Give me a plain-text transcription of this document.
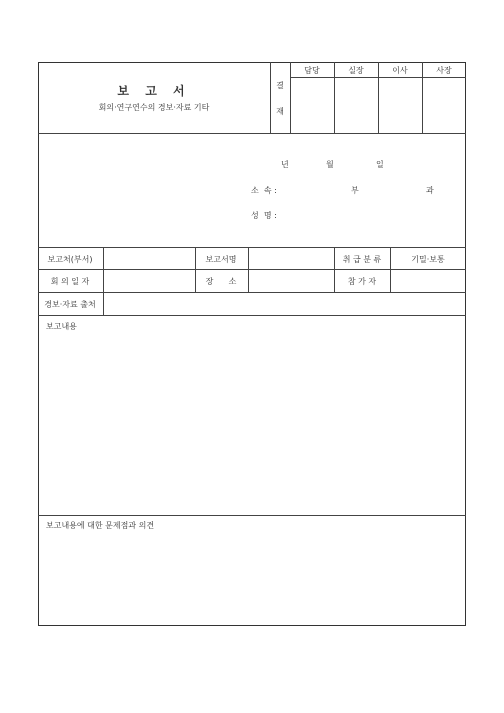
보 고 서
회의·연구연수의 경보·자료 기타
결
재
담당	실장	이사	사장
년	월	일
소  속 :	부	과
성  명 :
보고처(부서)	보고서명	취 급 분 류	기밀·보통
회 의 일 자	장      소	참 가 자
경보·자료 출처
보고내용
보고내용에 대한 문제점과 의견
